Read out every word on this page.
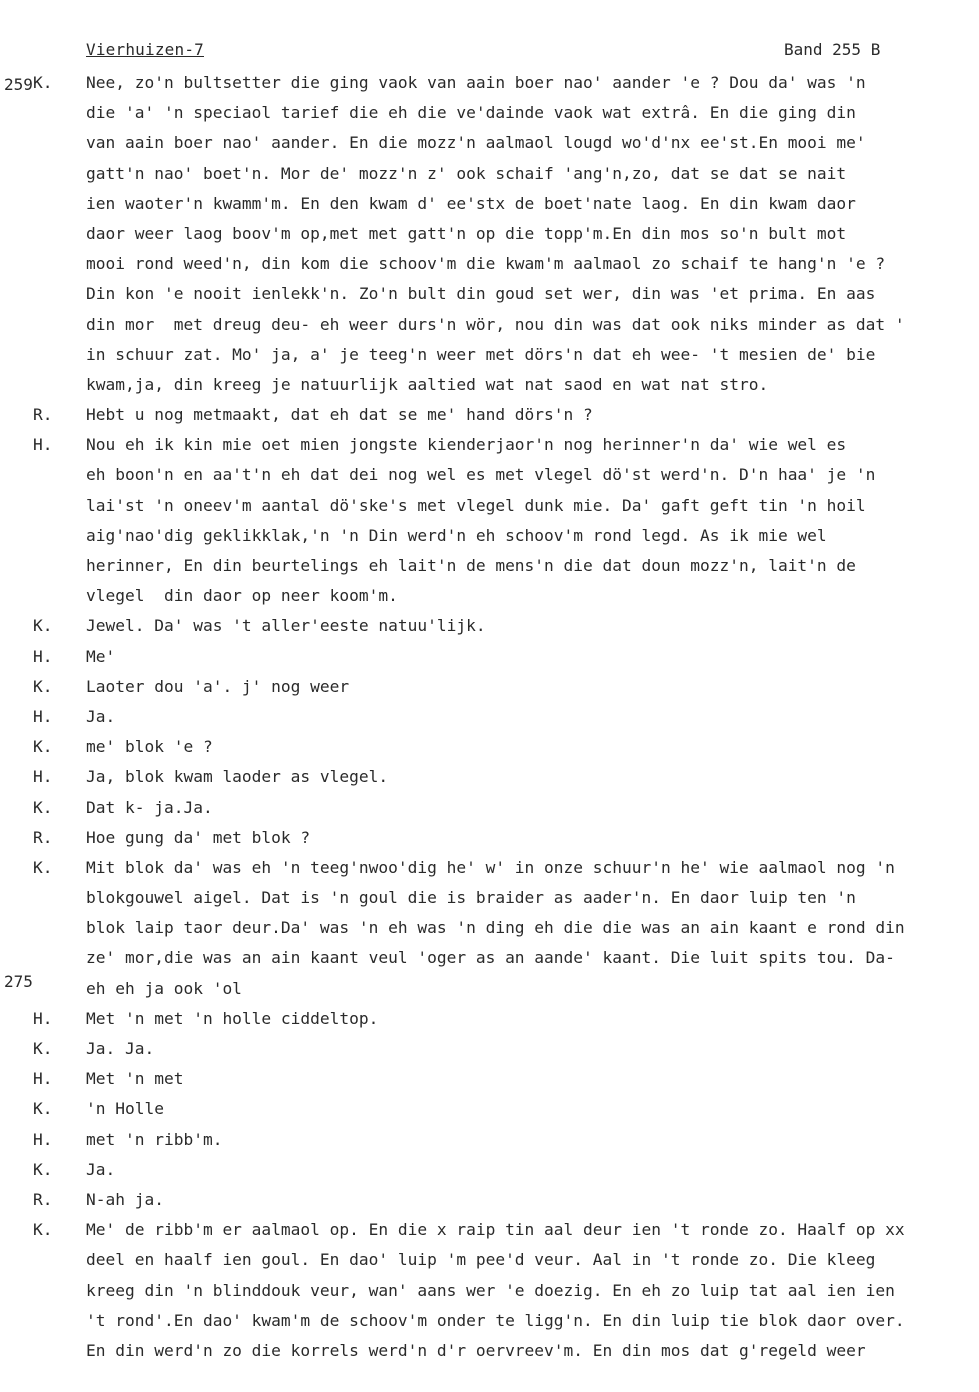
Vierhuizen-7	Band 255 B
259
275
K. Nee, zo'n bultsetter die ging vaok van aain boer nao' aander 'e ? Dou da' was 'n
die 'a' 'n speciaol tarief die eh die ve'dainde vaok wat extrâ. En die ging din
van aain boer nao' aander. En die mozz'n aalmaol lougd wo'd'nx ee'st.En mooi me'
gatt'n nao' boet'n. Mor de' mozz'n z' ook schaif 'ang'n,zo, dat se dat se nait
ien waoter'n kwamm'm. En den kwam d' ee'stx de boet'nate laog. En din kwam daor
daor weer laog boov'm op,met met gatt'n op die topp'm.En din mos so'n bult mot
mooi rond weed'n, din kom die schoov'm die kwam'm aalmaol zo schaif te hang'n 'e ?
Din kon 'e nooit ienlekk'n. Zo'n bult din goud set wer, din was 'et prima. En aas
din mor  met dreug deu- eh weer durs'n wör, nou din was dat ook niks minder as dat '
in schuur zat. Mo' ja, a' je teeg'n weer met dörs'n dat eh wee- 't mesien de' bie
kwam,ja, din kreeg je natuurlijk aaltied wat nat saod en wat nat stro.
R. Hebt u nog metmaakt, dat eh dat se me' hand dörs'n ?
H. Nou eh ik kin mie oet mien jongste kienderjaor'n nog herinner'n da' wie wel es
eh boon'n en aa't'n eh dat dei nog wel es met vlegel dö'st werd'n. D'n haa' je 'n
lai'st 'n oneev'm aantal dö'ske's met vlegel dunk mie. Da' gaft geft tin 'n hoil
aig'nao'dig geklikklak,'n 'n Din werd'n eh schoov'm rond legd. As ik mie wel
herinner, En din beurtelings eh lait'n de mens'n die dat doun mozz'n, lait'n de
vlegel  din daor op neer koom'm.
K. Jewel. Da' was 't aller'eeste natuu'lijk.
H. Me'
K. Laoter dou 'a'. j' nog weer
H. Ja.
K. me' blok 'e ?
H. Ja, blok kwam laoder as vlegel.
K. Dat k- ja.Ja.
R. Hoe gung da' met blok ?
K. Mit blok da' was eh 'n teeg'nwoo'dig he' w' in onze schuur'n he' wie aalmaol nog 'n
blokgouwel aigel. Dat is 'n goul die is braider as aader'n. En daor luip ten 'n
blok laip taor deur.Da' was 'n eh was 'n ding eh die die was an ain kaant e rond din
ze' mor,die was an ain kaant veul 'oger as an aande' kaant. Die luit spits tou. Da-
eh eh ja ook 'ol
H. Met 'n met 'n holle ciddeltop.
K. Ja. Ja.
H. Met 'n met
K. 'n Holle
H. met 'n ribb'm.
K. Ja.
R. N-ah ja.
K. Me' de ribb'm er aalmaol op. En die x raip tin aal deur ien 't ronde zo. Haalf op xx
deel en haalf ien goul. En dao' luip 'm pee'd veur. Aal in 't ronde zo. Die kleeg
kreeg din 'n blinddouk veur, wan' aans wer 'e doezig. En eh zo luip tat aal ien ien
't rond'.En dao' kwam'm de schoov'm onder te ligg'n. En din luip tie blok daor over.
En din werd'n zo die korrels werd'n d'r oervreev'm. En din mos dat g'regeld weer
